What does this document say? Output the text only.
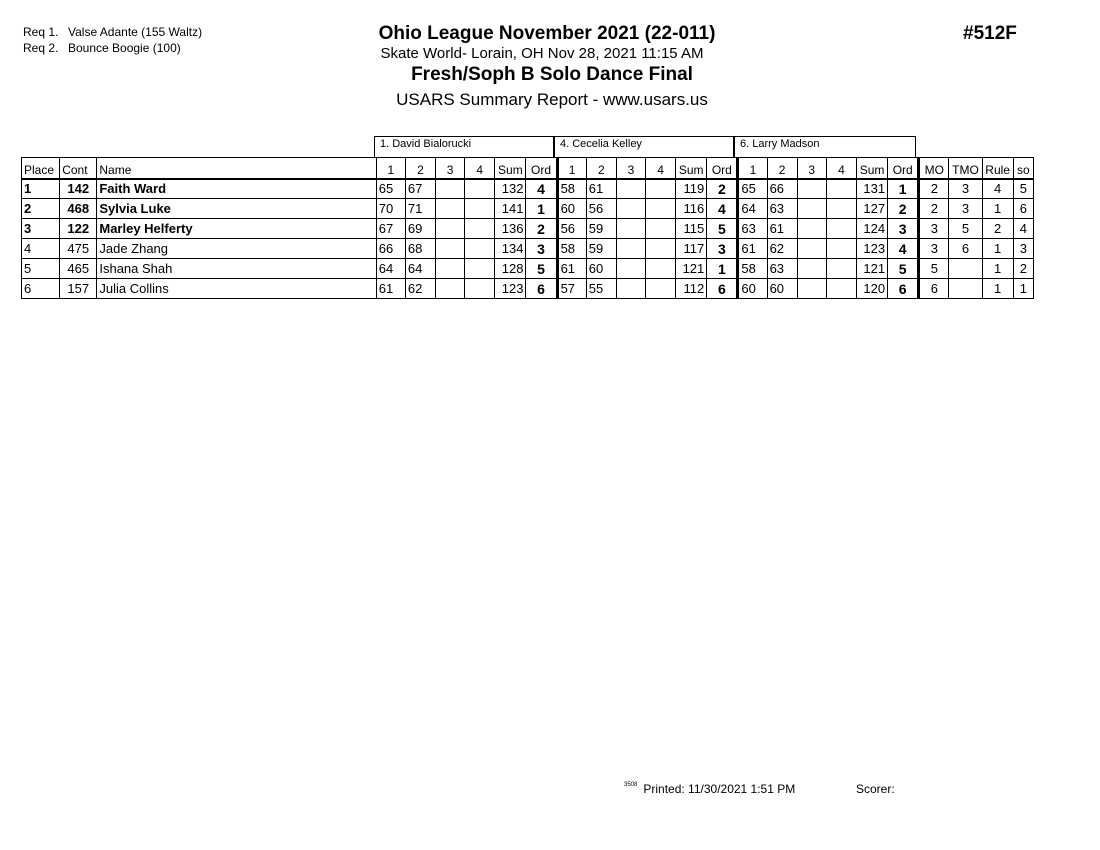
Req 1. Valse Adante (155 Waltz)
Req 2. Bounce Boogie (100)
Ohio League November 2021 (22-011)
Skate World- Lorain, OH Nov 28, 2021 11:15 AM
Fresh/Soph B Solo Dance Final
USARS Summary Report - www.usars.us
#512F
1. David Bialorucki	4. Cecelia Kelley	6. Larry Madson
Place	Cont	Name	1	2	3	4	Sum	Ord	1	2	3	4	Sum	Ord	1	2	3	4	Sum	Ord	MO	TMO	Rule	so
1	142	Faith Ward	65	67			132	4	58	61			119	2	65	66			131	1	2	3	4	5
2	468	Sylvia Luke	70	71			141	1	60	56			116	4	64	63			127	2	2	3	1	6
3	122	Marley Helferty	67	69			136	2	56	59			115	5	63	61			124	3	3	5	2	4
4	475	Jade Zhang	66	68			134	3	58	59			117	3	61	62			123	4	3	6	1	3
5	465	Ishana Shah	64	64			128	5	61	60			121	1	58	63			121	5	5		1	2
6	157	Julia Collins	61	62			123	6	57	55			112	6	60	60			120	6	6		1	1
$^{3508}$ Printed: 11/30/2021 1:51 PM	Scorer:
